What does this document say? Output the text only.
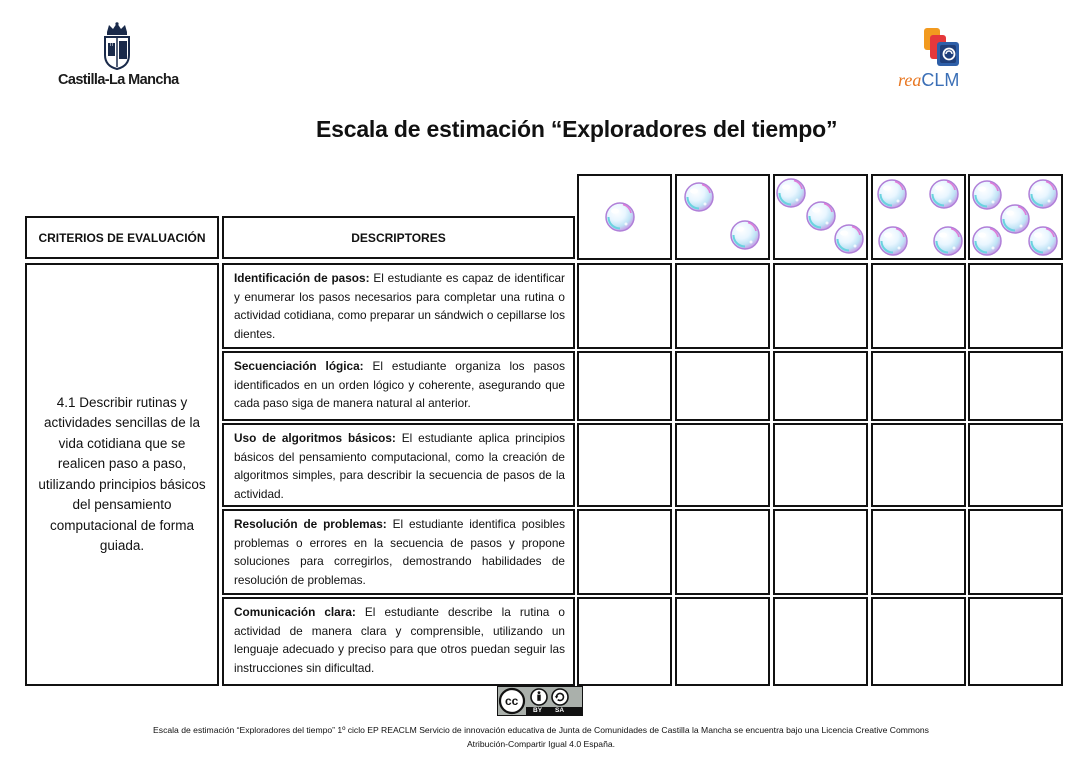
Castilla-La Mancha	reaCLM
Escala de estimación “Exploradores del tiempo”
CRITERIOS DE EVALUACIÓN	DESCRIPTORES
4.1 Describir rutinas y actividades sencillas de la vida cotidiana que se realicen paso a paso, utilizando principios básicos del pensamiento computacional de forma guiada.
Identificación de pasos: El estudiante es capaz de identificar y enumerar los pasos necesarios para completar una rutina o actividad cotidiana, como preparar un sándwich o cepillarse los dientes.
Secuenciación lógica: El estudiante organiza los pasos identificados en un orden lógico y coherente, asegurando que cada paso siga de manera natural al anterior.
Uso de algoritmos básicos: El estudiante aplica principios básicos del pensamiento computacional, como la creación de algoritmos simples, para describir la secuencia de pasos de la actividad.
Resolución de problemas: El estudiante identifica posibles problemas o errores en la secuencia de pasos y propone soluciones para corregirlos, demostrando habilidades de resolución de problemas.
Comunicación clara: El estudiante describe la rutina o actividad de manera clara y comprensible, utilizando un lenguaje adecuado y preciso para que otros puedan seguir las instrucciones sin dificultad.
cc
BY SA
Escala de estimación “Exploradores del tiempo” 1º ciclo EP REACLM Servicio de innovación educativa de Junta de Comunidades de Castilla la Mancha se encuentra bajo una Licencia Creative Commons
Atribución-Compartir Igual 4.0 España.
